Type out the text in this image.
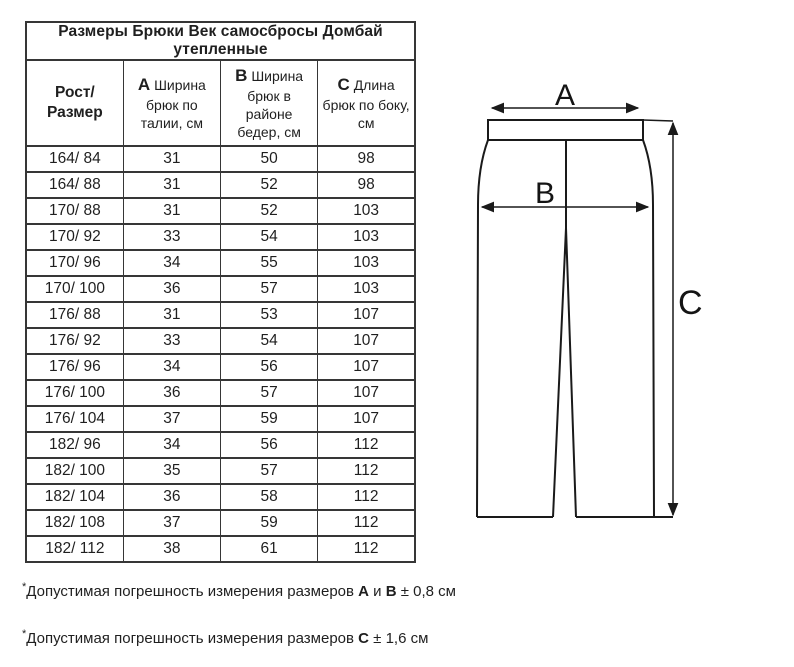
Размеры Брюки Век самосбросы Домбай утепленные			
Рост/Размер	А Ширина брюк по талии, см	В Ширина брюк в районе бедер, см	С Длина брюк по боку, см
164/ 84	31	50	98
164/ 88	31	52	98
170/ 88	31	52	103
170/ 92	33	54	103
170/ 96	34	55	103
170/ 100	36	57	103
176/ 88	31	53	107
176/ 92	33	54	107
176/ 96	34	56	107
176/ 100	36	57	107
176/ 104	37	59	107
182/ 96	34	56	112
182/ 100	35	57	112
182/ 104	36	58	112
182/ 108	37	59	112
182/ 112	38	61	112
A
B
C
*Допустимая погрешность измерения размеров А и В ± 0,8 см
*Допустимая погрешность измерения размеров С ± 1,6 см
